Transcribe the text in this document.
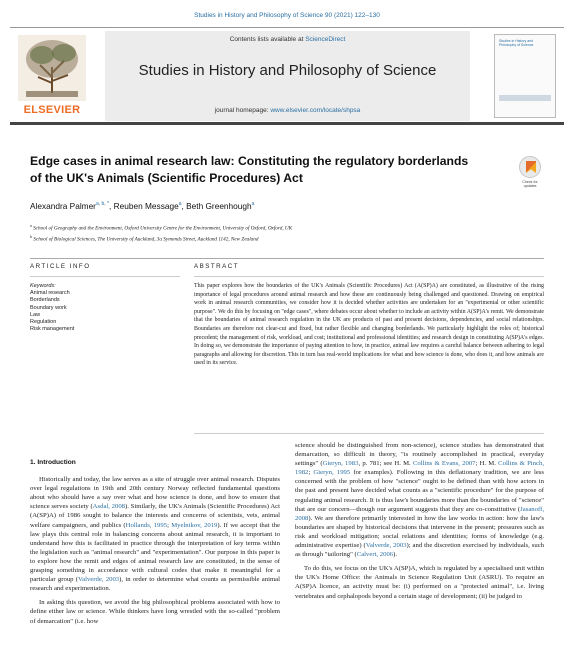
Studies in History and Philosophy of Science 90 (2021) 122–130
ELSEVIER
Contents lists available at ScienceDirect
Studies in History and Philosophy of Science
journal homepage: www.elsevier.com/locate/shpsa
Studies in History and Philosophy of Science
Edge cases in animal research law: Constituting the regulatory borderlands of the UK's Animals (Scientific Procedures) Act	Check for updates
Alexandra Palmer$^{a, b, *}$, Reuben Message$^a$, Beth Greenhough$^a$
$^a$ School of Geography and the Environment, Oxford University Centre for the Environment, University of Oxford, Oxford, UK
$^b$ School of Biological Sciences, The University of Auckland, 3a Symonds Street, Auckland 1142, New Zealand
ARTICLE INFO
Keywords:
Animal research
Borderlands
Boundary work
Law
Regulation
Risk management
ABSTRACT

This paper explores how the boundaries of the UK's Animals (Scientific Procedures) Act (A(SP)A) are constituted, as illustrative of the rising importance of legal procedures around animal research and how these are continuously being challenged and questioned. Drawing on empirical work in animal research communities, we consider how it is decided whether activities are undertaken for an "experimental or other scientific purpose". We do this by focusing on "edge cases", where debates occur about whether to include an activity within A(SP)A's remit. We demonstrate that the boundaries of animal research regulation in the UK are products of past and present decisions, dependencies, and social relationships. Boundaries are therefore not clear-cut and fixed, but rather flexible and changing borderlands. We particularly highlight the roles of; historical precedent; the management of risk, workload, and cost; institutional and professional identities; and research design in constituting A(SP)A's edges. In doing so, we demonstrate the importance of paying attention to how, in practice, animal law requires a careful balance between adhering to legal paragraphs and allowing for discretion. This in turn has real-world implications for what and how science is done, who does it, and how animals are used in its service.

1. Introduction

Historically and today, the law serves as a site of struggle over animal research. Disputes over legal regulations in 19th and 20th century Norway reflected fundamental questions about who should have a say over what and how science is done, and how to ensure that science serves society (Asdal, 2008). Similarly, the UK's Animals (Scientific Procedures) Act (A(SP)A) of 1986 sought to balance the interests and concerns of scientists, vets, animal welfare campaigners, and publics (Hollands, 1995; Myelnikov, 2019). If we accept that the law plays this central role in balancing concerns about animal research, it is important to understand how this is facilitated in practice through the interpretation of key terms within the legislation such as "animal research" and "experimentation". Our purpose in this paper is to explore how the remit and edges of animal research law are constituted, in the sense of grasping something in accordance with cultural codes that make it meaningful for a particular group (Valverde, 2003), in order to determine what counts as permissible animal research and experimentation.

In asking this question, we avoid the big philosophical problems associated with how to define either law or science. While thinkers have long wrestled with the so-called "problem of demarcation" (i.e. how

science should be distinguished from non-science), science studies has demonstrated that demarcation, so difficult in theory, "is routinely accomplished in practical, everyday settings" (Gieryn, 1983, p. 781; see H. M. Collins & Evans, 2007; H. M. Collins & Pinch, 1982; Gieryn, 1995 for examples). Following in this deflationary tradition, we are less concerned with the problem of how "science" ought to be defined than with how actors in the past and present have decided what counts as a "scientific procedure" for the purpose of regulating animal research. It is thus law's boundaries more than the boundaries of "science" that are our concern—though our argument suggests that they are co-constitutive (Jasanoff, 2008). We are therefore primarily interested in how the law works in action: how the law's boundaries are shaped by historical decisions that intervene in the present; pressures such as risk and workload mitigation; social relations and identities; forms of knowledge (e.g. administrative expertise) (Valverde, 2003); and the discretion exercised by individuals, such as through "tailoring" (Calvert, 2006).

To do this, we focus on the UK's A(SP)A, which is regulated by a specialised unit within the UK's Home Office: the Animals in Science Regulation Unit (ASRU). To require an A(SP)A licence, an activity must be: (i) performed on a "protected animal", i.e. living vertebrates and cephalopods beyond a certain stage of development; (ii) be judged to
